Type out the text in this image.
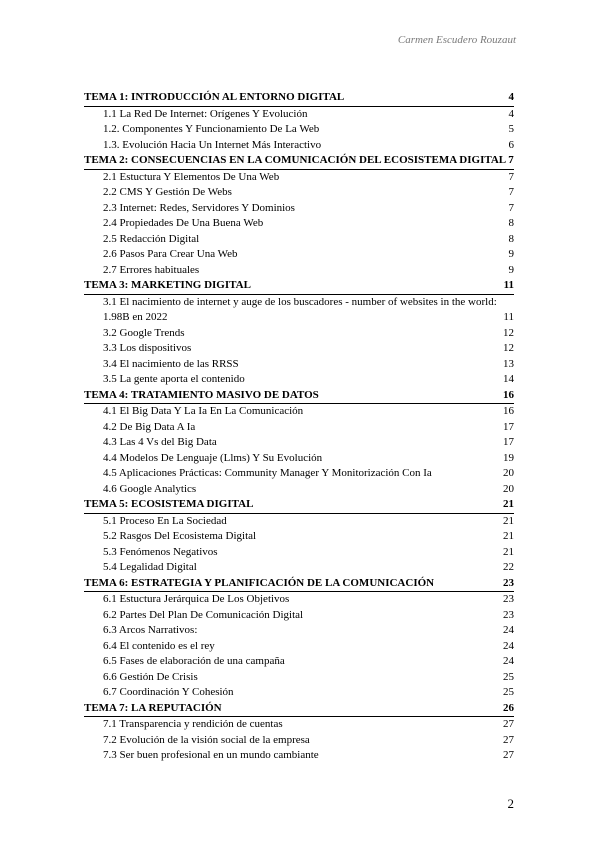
Carmen Escudero Rouzaut
TEMA 1: INTRODUCCIÓN AL ENTORNO DIGITAL	4
1.1 La Red De Internet: Orígenes Y Evolución	4
1.2. Componentes Y Funcionamiento De La Web	5
1.3. Evolución Hacia Un Internet Más Interactivo	6
TEMA 2: CONSECUENCIAS EN LA COMUNICACIÓN DEL ECOSISTEMA DIGITAL 7
2.1 Estuctura Y Elementos De Una Web	7
2.2 CMS Y Gestión De Webs	7
2.3 Internet: Redes, Servidores Y Dominios	7
2.4 Propiedades De Una Buena Web	8
2.5 Redacción Digital	8
2.6 Pasos Para Crear Una Web	9
2.7 Errores habituales	9
TEMA 3: MARKETING DIGITAL	11
3.1 El nacimiento de internet y auge de los buscadores - number of websites in the world:
1.98B en 2022	11
3.2 Google Trends	12
3.3 Los dispositivos	12
3.4 El nacimiento de las RRSS	13
3.5 La gente aporta el contenido	14
TEMA 4: TRATAMIENTO MASIVO DE DATOS	16
4.1 El Big Data Y La Ia En La Comunicación	16
4.2 De Big Data A Ia	17
4.3 Las 4 Vs del Big Data	17
4.4 Modelos De Lenguaje (Llms) Y Su Evolución	19
4.5 Aplicaciones Prácticas: Community Manager Y Monitorización Con Ia	20
4.6 Google Analytics	20
TEMA 5: ECOSISTEMA DIGITAL	21
5.1 Proceso En La Sociedad	21
5.2 Rasgos Del Ecosistema Digital	21
5.3 Fenómenos Negativos	21
5.4 Legalidad Digital	22
TEMA 6: ESTRATEGIA Y PLANIFICACIÓN DE LA COMUNICACIÓN	23
6.1 Estuctura Jerárquica De Los Objetivos	23
6.2 Partes Del Plan De Comunicación Digital	23
6.3 Arcos Narrativos:	24
6.4 El contenido es el rey	24
6.5 Fases de elaboración de una campaña	24
6.6 Gestión De Crisis	25
6.7 Coordinación Y Cohesión	25
TEMA 7: LA REPUTACIÓN	26
7.1 Transparencia y rendición de cuentas	27
7.2 Evolución de la visión social de la empresa	27
7.3 Ser buen profesional en un mundo cambiante	27
2
